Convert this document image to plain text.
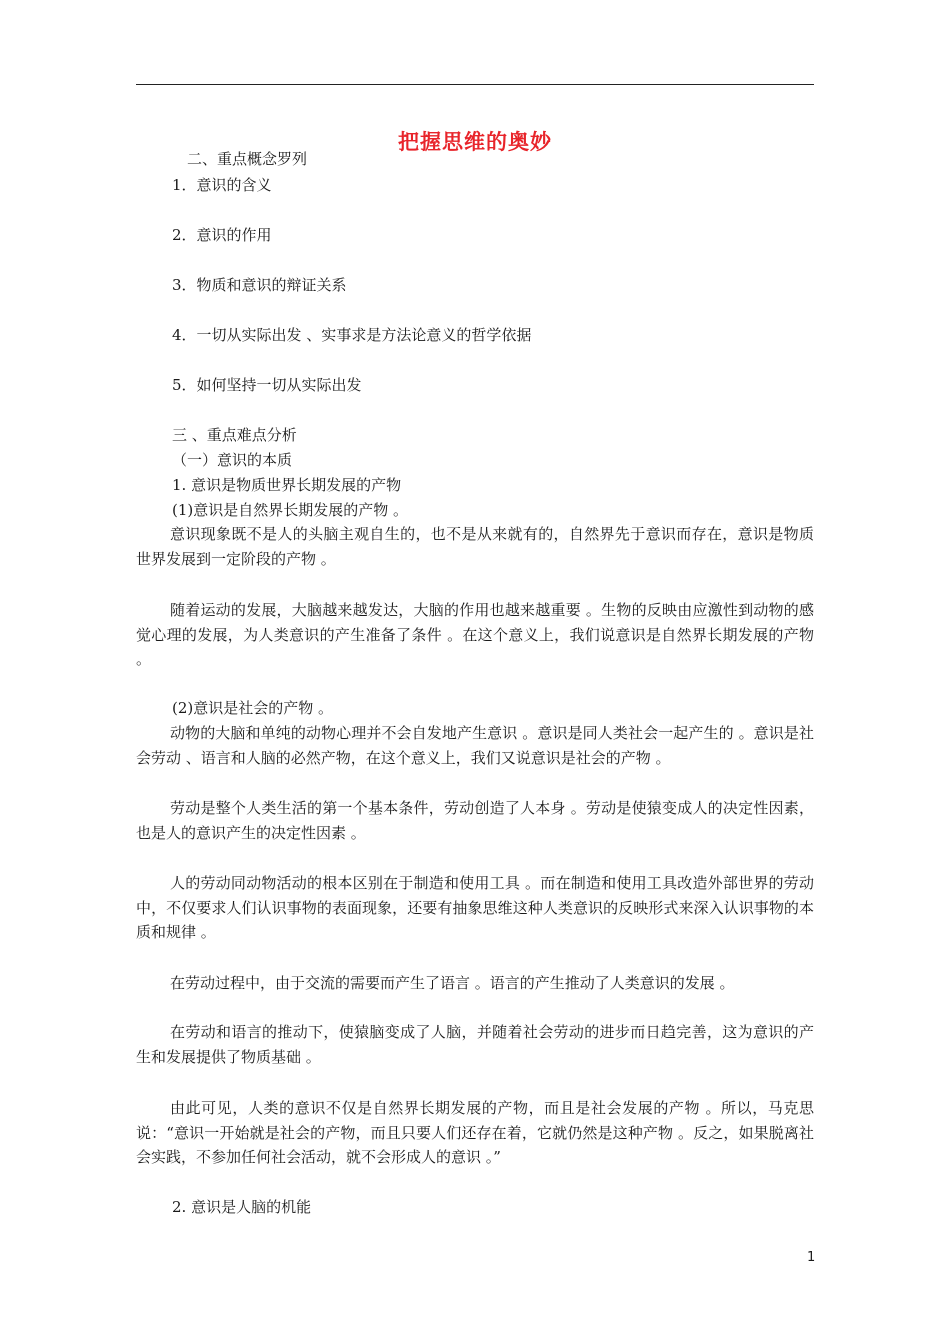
把握思维的奥妙
二、重点概念罗列
1．意识的含义
2．意识的作用
3．物质和意识的辩证关系
4．一切从实际出发 、实事求是方法论意义的哲学依据
5．如何坚持一切从实际出发
三 、重点难点分析
（一）意识的本质
1. 意识是物质世界长期发展的产物
(1)意识是自然界长期发展的产物 。
意识现象既不是人的头脑主观自生的，也不是从来就有的，自然界先于意识而存在，意识是物质世界发展到一定阶段的产物 。
随着运动的发展，大脑越来越发达，大脑的作用也越来越重要 。生物的反映由应激性到动物的感觉心理的发展，为人类意识的产生准备了条件 。在这个意义上，我们说意识是自然界长期发展的产物 。
(2)意识是社会的产物 。
动物的大脑和单纯的动物心理并不会自发地产生意识 。意识是同人类社会一起产生的 。意识是社会劳动 、语言和人脑的必然产物，在这个意义上，我们又说意识是社会的产物 。
劳动是整个人类生活的第一个基本条件，劳动创造了人本身 。劳动是使猿变成人的决定性因素，也是人的意识产生的决定性因素 。
人的劳动同动物活动的根本区别在于制造和使用工具 。而在制造和使用工具改造外部世界的劳动中，不仅要求人们认识事物的表面现象，还要有抽象思维这种人类意识的反映形式来深入认识事物的本质和规律 。
在劳动过程中，由于交流的需要而产生了语言 。语言的产生推动了人类意识的发展 。
在劳动和语言的推动下，使猿脑变成了人脑，并随着社会劳动的进步而日趋完善，这为意识的产生和发展提供了物质基础 。
由此可见，人类的意识不仅是自然界长期发展的产物，而且是社会发展的产物 。所以，马克思说：“意识一开始就是社会的产物，而且只要人们还存在着，它就仍然是这种产物 。反之，如果脱离社会实践，不参加任何社会活动，就不会形成人的意识 。”
2. 意识是人脑的机能
1
